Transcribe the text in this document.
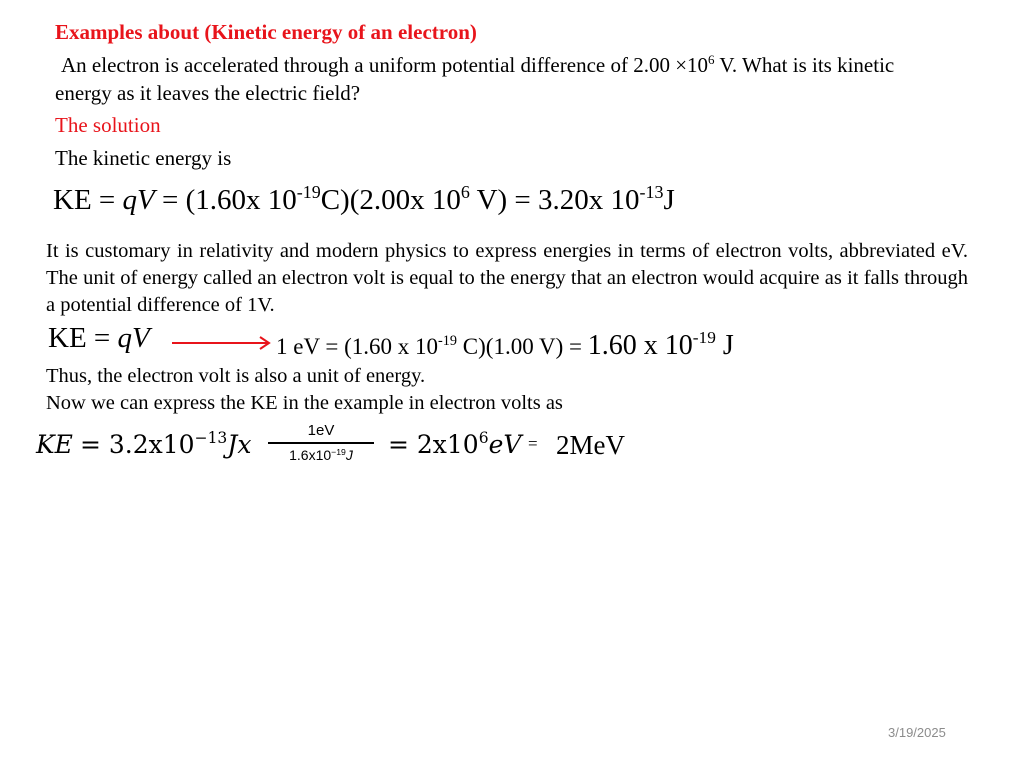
Examples about (Kinetic energy of an electron)
An electron is accelerated through a uniform potential difference of $2.00 \times 10^6$ V. What is its kinetic
energy as it leaves the electric field?
The solution
The kinetic energy is
KE = qV = (1.60x $10^{-19}C)(2.00x$ $10^6$ V) = 3.20x $10^{-13}J$

It is customary in relativity and modern physics to express energies in terms of electron volts, abbreviated eV. The unit of energy called an electron volt is equal to the energy that an electron would acquire as it falls through a potential difference of 1V.

KE = qV	1 eV = (1.60 x $10^{-19}$ C)(1.00 V) = 1.60 x $10^{-19}$ J
Thus, the electron volt is also a unit of energy.
Now we can express the KE in the example in electron volts as
KE = $3.2x10^{-13}Jx$	1eV
$1.6x10^{-19}J = 2x10^6eV = 2MeV$
3/19/2025
